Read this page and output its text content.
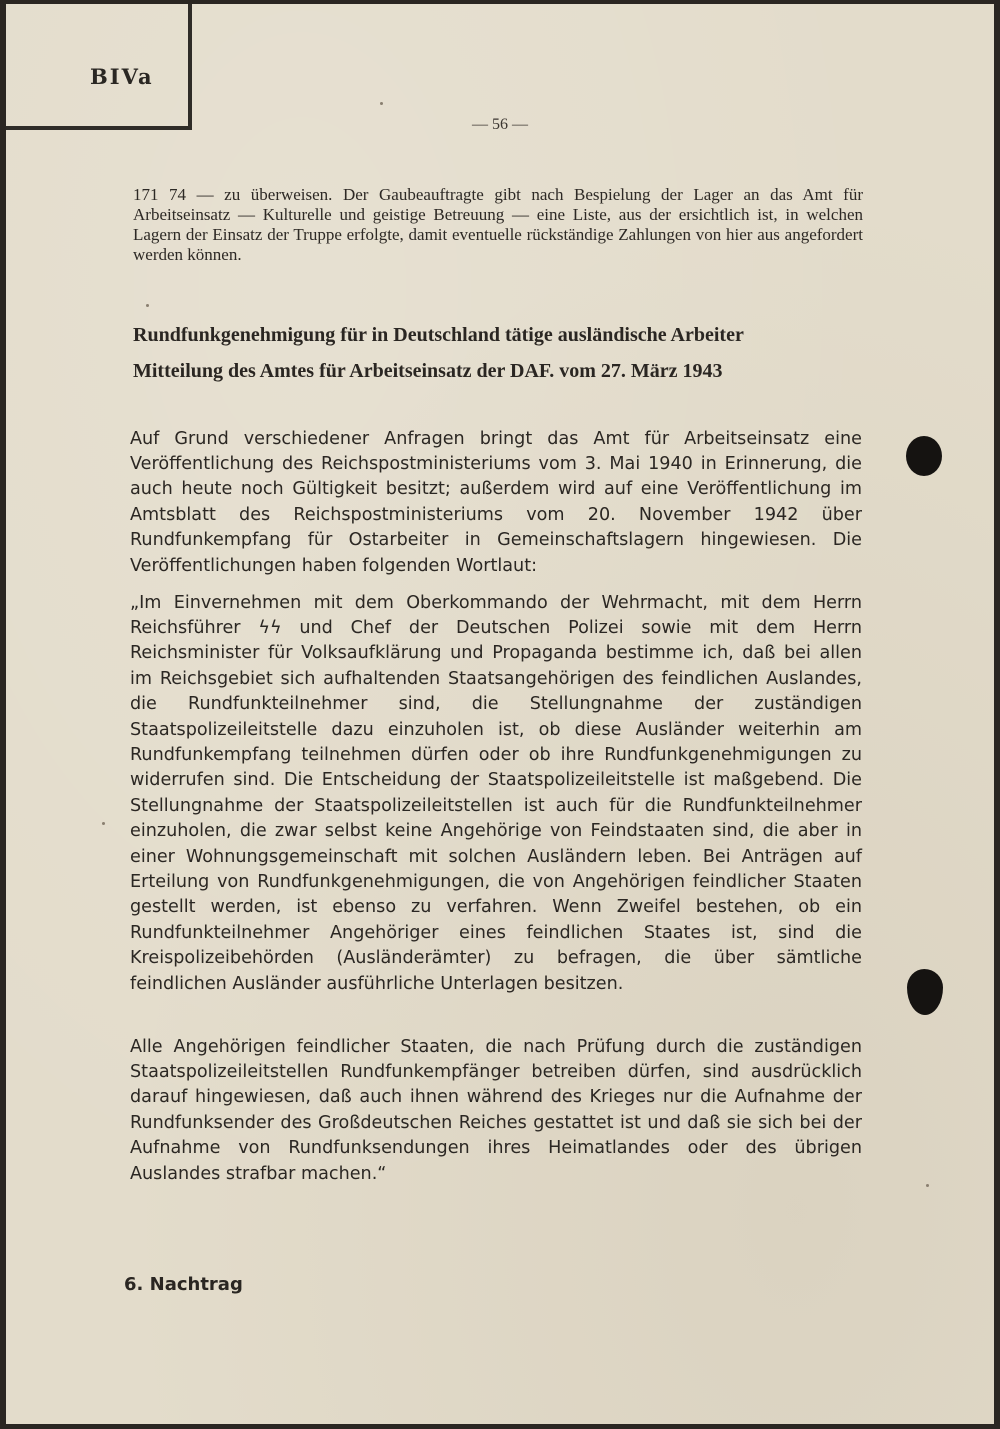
BIVa
— 56 —

171 74 — zu überweisen. Der Gaubeauftragte gibt nach Bespielung der Lager an das Amt für Arbeitseinsatz — Kulturelle und geistige Betreuung — eine Liste, aus der ersichtlich ist, in welchen Lagern der Einsatz der Truppe erfolgte, damit eventuelle rückständige Zahlungen von hier aus angefordert werden können.

Rundfunkgenehmigung für in Deutschland tätige ausländische Arbeiter
Mitteilung des Amtes für Arbeitseinsatz der DAF. vom 27. März 1943

Auf Grund verschiedener Anfragen bringt das Amt für Arbeitseinsatz eine Veröffentlichung des Reichspostministeriums vom 3. Mai 1940 in Erinnerung, die auch heute noch Gültigkeit besitzt; außerdem wird auf eine Veröffentlichung im Amtsblatt des Reichspostministeriums vom 20. November 1942 über Rundfunkempfang für Ostarbeiter in Gemeinschaftslagern hingewiesen. Die Veröffentlichungen haben folgenden Wortlaut:

„Im Einvernehmen mit dem Oberkommando der Wehrmacht, mit dem Herrn Reichsführer ϟϟ und Chef der Deutschen Polizei sowie mit dem Herrn Reichsminister für Volksaufklärung und Propaganda bestimme ich, daß bei allen im Reichsgebiet sich aufhaltenden Staatsangehörigen des feindlichen Auslandes, die Rundfunkteilnehmer sind, die Stellungnahme der zuständigen Staatspolizeileitstelle dazu einzuholen ist, ob diese Ausländer weiterhin am Rundfunkempfang teilnehmen dürfen oder ob ihre Rundfunkgenehmigungen zu widerrufen sind. Die Entscheidung der Staatspolizeileitstelle ist maßgebend. Die Stellungnahme der Staatspolizeileitstellen ist auch für die Rundfunkteilnehmer einzuholen, die zwar selbst keine Angehörige von Feindstaaten sind, die aber in einer Wohnungsgemeinschaft mit solchen Ausländern leben. Bei Anträgen auf Erteilung von Rundfunkgenehmigungen, die von Angehörigen feindlicher Staaten gestellt werden, ist ebenso zu verfahren. Wenn Zweifel bestehen, ob ein Rundfunkteilnehmer Angehöriger eines feindlichen Staates ist, sind die Kreispolizeibehörden (Ausländerämter) zu befragen, die über sämtliche feindlichen Ausländer ausführliche Unterlagen besitzen.

Alle Angehörigen feindlicher Staaten, die nach Prüfung durch die zuständigen Staatspolizeileitstellen Rundfunkempfänger betreiben dürfen, sind ausdrücklich darauf hingewiesen, daß auch ihnen während des Krieges nur die Aufnahme der Rundfunksender des Großdeutschen Reiches gestattet ist und daß sie sich bei der Aufnahme von Rundfunksendungen ihres Heimatlandes oder des übrigen Auslandes strafbar machen.“

6. Nachtrag
